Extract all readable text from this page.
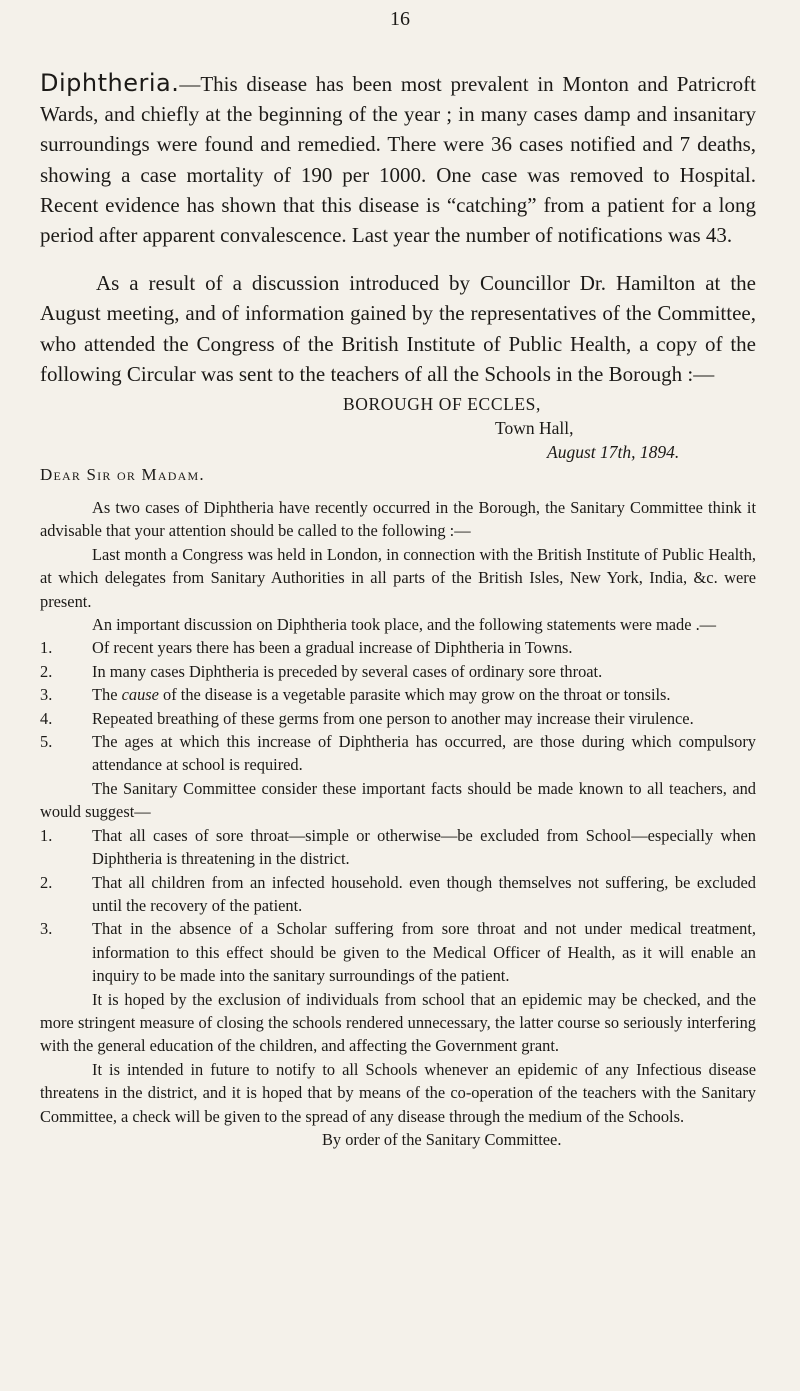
16

Diphtheria.—This disease has been most prevalent in Monton and Patricroft Wards, and chiefly at the beginning of the year ; in many cases damp and insanitary surroundings were found and remedied. There were 36 cases notified and 7 deaths, showing a case mortality of 190 per 1000. One case was removed to Hospital. Recent evidence has shown that this disease is “catching” from a patient for a long period after apparent convalescence. Last year the number of notifications was 43.

As a result of a discussion introduced by Councillor Dr. Hamilton at the August meeting, and of information gained by the representatives of the Committee, who attended the Congress of the British Institute of Public Health, a copy of the following Circular was sent to the teachers of all the Schools in the Borough :—

BOROUGH OF ECCLES,
Town Hall,
August 17th, 1894.
Dear Sir or Madam.

As two cases of Diphtheria have recently occurred in the Borough, the Sanitary Committee think it advisable that your attention should be called to the following :—

Last month a Congress was held in London, in connection with the British Institute of Public Health, at which delegates from Sanitary Authorities in all parts of the British Isles, New York, India, &c. were present.

An important discussion on Diphtheria took place, and the following statements were made .—

1.	Of recent years there has been a gradual increase of Diphtheria in Towns.
2.	In many cases Diphtheria is preceded by several cases of ordinary sore throat.
3.	The cause of the disease is a vegetable parasite which may grow on the throat or tonsils.
4.	Repeated breathing of these germs from one person to another may increase their virulence.
5.	The ages at which this increase of Diphtheria has occurred, are those during which compulsory attendance at school is required.

The Sanitary Committee consider these important facts should be made known to all teachers, and would suggest—

1.	That all cases of sore throat—simple or otherwise—be excluded from School—especially when Diphtheria is threatening in the district.
2.	That all children from an infected household. even though themselves not suffering, be excluded until the recovery of the patient.
3.	That in the absence of a Scholar suffering from sore throat and not under medical treatment, information to this effect should be given to the Medical Officer of Health, as it will enable an inquiry to be made into the sanitary surroundings of the patient.

It is hoped by the exclusion of individuals from school that an epidemic may be checked, and the more stringent measure of closing the schools rendered unnecessary, the latter course so seriously interfering with the general education of the children, and affecting the Government grant.

It is intended in future to notify to all Schools whenever an epidemic of any Infectious disease threatens in the district, and it is hoped that by means of the co-operation of the teachers with the Sanitary Committee, a check will be given to the spread of any disease through the medium of the Schools.

By order of the Sanitary Committee.
